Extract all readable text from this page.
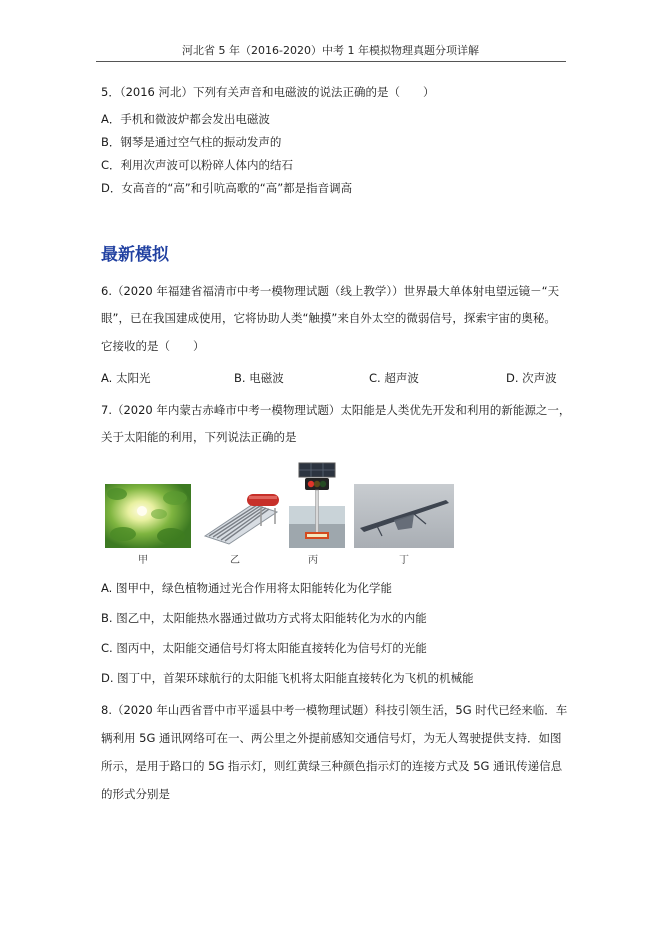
河北省 5 年（2016-2020）中考 1 年模拟物理真题分项详解
5．（2016 河北）下列有关声音和电磁波的说法正确的是（　　）
A．手机和微波炉都会发出电磁波
B．钢琴是通过空气柱的振动发声的
C．利用次声波可以粉碎人体内的结石
D．女高音的“高”和引吭高歌的“高”都是指音调高
最新模拟
6.（2020 年福建省福清市中考一模物理试题（线上教学））世界最大单体射电望远镜－“天
眼”，已在我国建成使用，它将协助人类“触摸”来自外太空的微弱信号，探索宇宙的奥秘。
它接收的是（　　）
A. 太阳光	B. 电磁波	C. 超声波	D. 次声波
7.（2020 年内蒙古赤峰市中考一模物理试题）太阳能是人类优先开发和利用的新能源之一，
关于太阳能的利用，下列说法正确的是
甲	乙	丙	丁
A. 图甲中，绿色植物通过光合作用将太阳能转化为化学能
B. 图乙中，太阳能热水器通过做功方式将太阳能转化为水的内能
C. 图丙中，太阳能交通信号灯将太阳能直接转化为信号灯的光能
D. 图丁中，首架环球航行的太阳能飞机将太阳能直接转化为飞机的机械能
8.（2020 年山西省晋中市平遥县中考一模物理试题）科技引领生活，5G 时代已经来临．车
辆利用 5G 通讯网络可在一、两公里之外提前感知交通信号灯，为无人驾驶提供支持．如图
所示，是用于路口的 5G 指示灯，则红黄绿三种颜色指示灯的连接方式及 5G 通讯传递信息
的形式分别是
